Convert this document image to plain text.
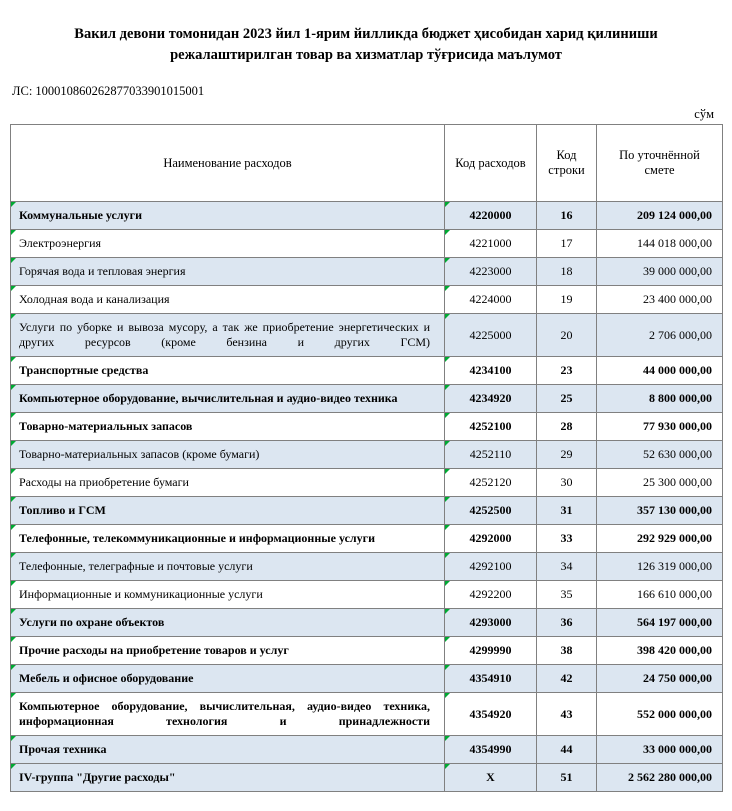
Вакил девони томонидан 2023 йил 1-ярим йилликда бюджет ҳисобидан харид қилиниши режалаштирилган товар ва хизматлар тўғрисида маълумот
ЛС: 100010860262877033901015001
сўм
Наименование расходов	Код расходов	Код строки	По уточнённой смете
Коммунальные услуги	4220000	16	209 124 000,00
Электроэнергия	4221000	17	144 018 000,00
Горячая вода и тепловая энергия	4223000	18	39 000 000,00
Холодная вода и канализация	4224000	19	23 400 000,00
Услуги по уборке и вывоза мусору, а так же приобретение энергетических и других ресурсов (кроме бензина и других ГСМ)	4225000	20	2 706 000,00
Транспортные средства	4234100	23	44 000 000,00
Компьютерное оборудование, вычислительная и аудио-видео техника	4234920	25	8 800 000,00
Товарно-материальных запасов	4252100	28	77 930 000,00
Товарно-материальных запасов (кроме бумаги)	4252110	29	52 630 000,00
Расходы на приобретение бумаги	4252120	30	25 300 000,00
Топливо и ГСМ	4252500	31	357 130 000,00
Телефонные, телекоммуникационные и информационные услуги	4292000	33	292 929 000,00
Телефонные, телеграфные и почтовые услуги	4292100	34	126 319 000,00
Информационные и коммуникационные услуги	4292200	35	166 610 000,00
Услуги по охране объектов	4293000	36	564 197 000,00
Прочие расходы на приобретение товаров и услуг	4299990	38	398 420 000,00
Мебель и офисное оборудование	4354910	42	24 750 000,00
Компьютерное оборудование, вычислительная, аудио-видео техника, информационная технология и принадлежности	4354920	43	552 000 000,00
Прочая техника	4354990	44	33 000 000,00
IV-группа "Другие расходы"	X	51	2 562 280 000,00
